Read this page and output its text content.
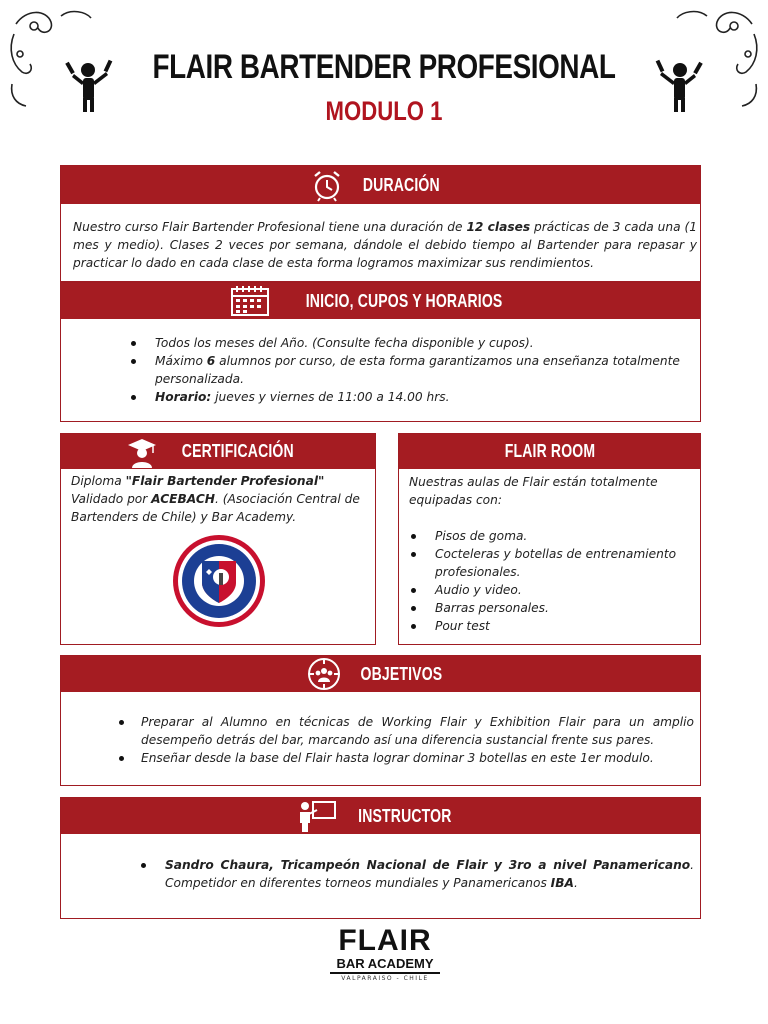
FLAIR BARTENDER PROFESIONAL
MODULO 1
DURACIÓN
Nuestro curso Flair Bartender Profesional tiene una duración de 12 clases prácticas de 3 cada una (1 mes y medio). Clases 2 veces por semana, dándole el debido tiempo al Bartender para repasar y practicar lo dado en cada clase de esta forma logramos maximizar sus rendimientos.
INICIO, CUPOS Y HORARIOS
Todos los meses del Año. (Consulte fecha disponible y cupos).
Máximo 6 alumnos por curso, de esta forma garantizamos una enseñanza totalmente personalizada.
Horario: jueves y viernes de 11:00 a 14.00 hrs.
CERTIFICACIÓN
Diploma "Flair Bartender Profesional" Validado por ACEBACH. (Asociación Central de Bartenders de Chile) y Bar Academy.
FLAIR ROOM
Nuestras aulas de Flair están totalmente equipadas con:
Pisos de goma.
Cocteleras y botellas de entrenamiento profesionales.
Audio y video.
Barras personales.
Pour test
OBJETIVOS
Preparar al Alumno en técnicas de Working Flair y Exhibition Flair para un amplio desempeño detrás del bar, marcando así una diferencia sustancial frente sus pares.
Enseñar desde la base del Flair hasta lograr dominar 3 botellas en este 1er modulo.
INSTRUCTOR
Sandro Chaura, Tricampeón Nacional de Flair y 3ro a nivel Panamericano. Competidor en diferentes torneos mundiales y Panamericanos IBA.
FLAIR
BAR ACADEMY
VALPARAISO - CHILE
